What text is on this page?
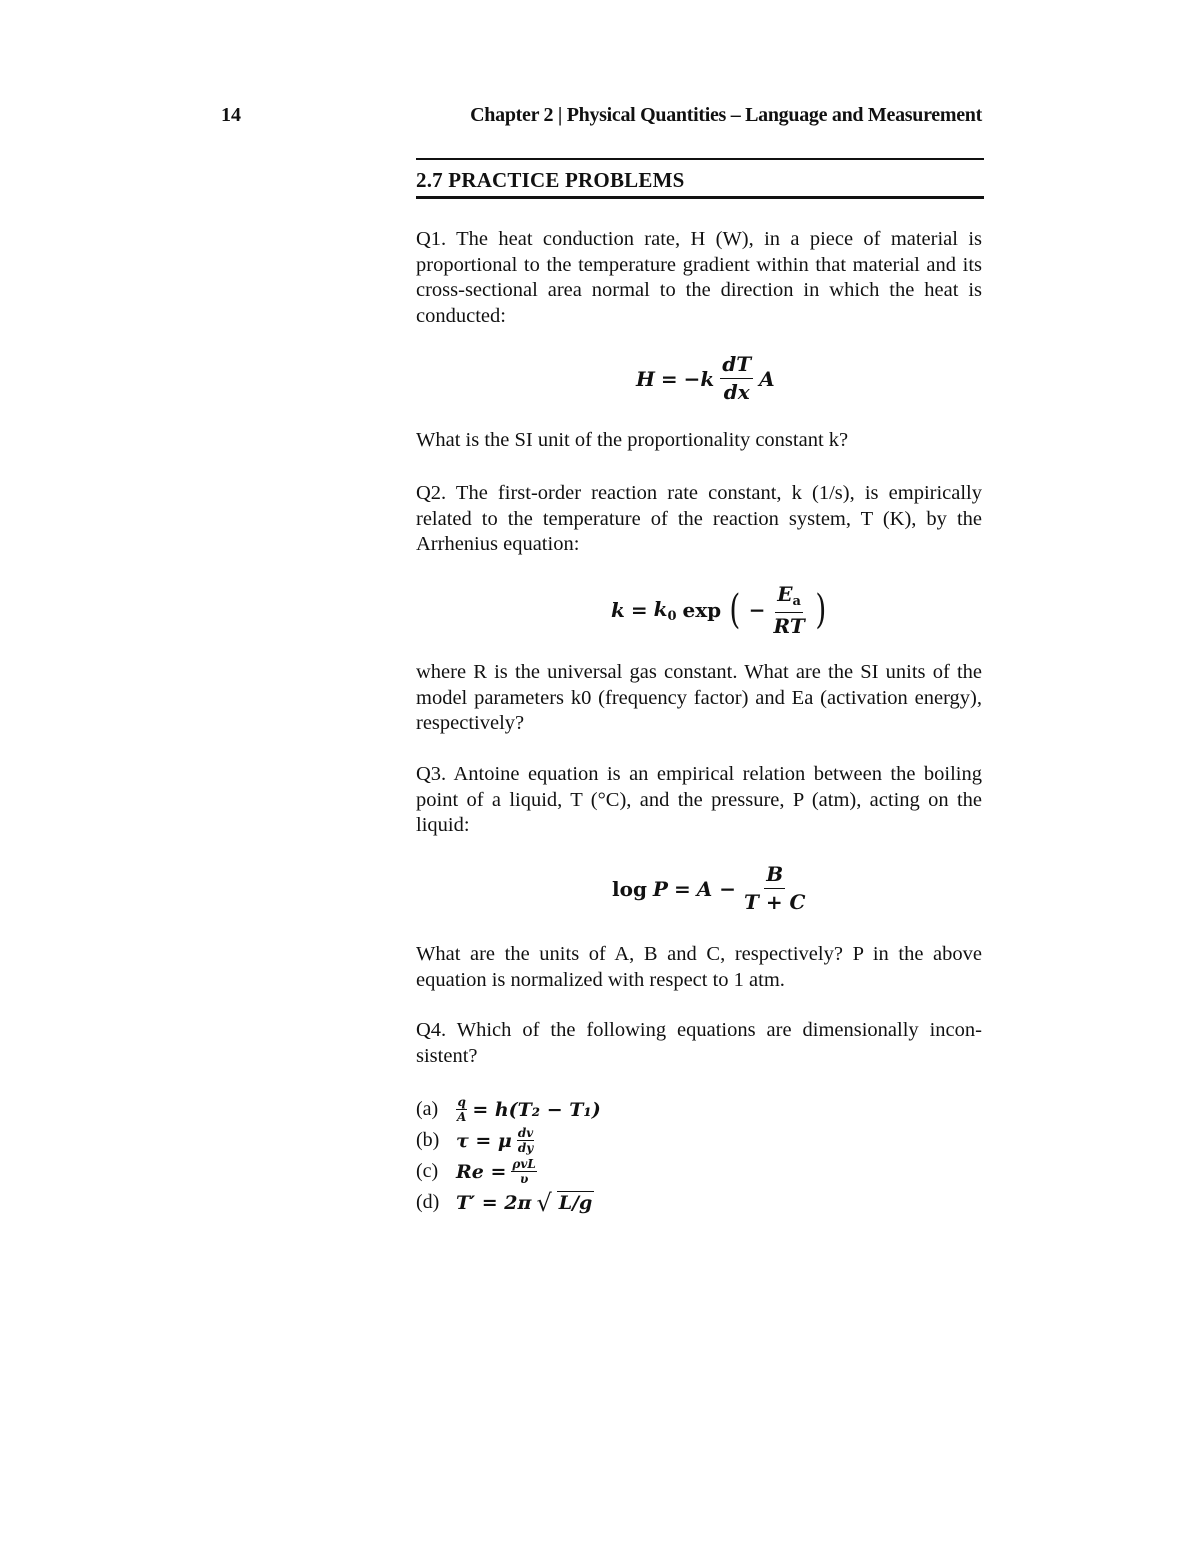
14	Chapter 2 | Physical Quantities – Language and Measurement
2.7 PRACTICE PROBLEMS
Q1. The heat conduction rate, H (W), in a piece of material is proportional to the temperature gradient within that material and its cross-sectional area normal to the direction in which the heat is conducted:
$H = -k \frac{dT}{dx}$ A
What is the SI unit of the proportionality constant k?
Q2. The first-order reaction rate constant, k (1/s), is empirically related to the temperature of the reaction system, T (K), by the Arrhenius equation:
$k = k_0$ exp ( − $\frac{E_a}{RT}$ )
where R is the universal gas constant. What are the SI units of the model parameters k0 (frequency factor) and Ea (activation energy), respectively?
Q3. Antoine equation is an empirical relation between the boiling point of a liquid, T (°C), and the pressure, P (atm), acting on the liquid:
$\log P = A - \frac{B}{T + C}$
What are the units of A, B and C, respectively? P in the above equation is normalized with respect to 1 atm.
Q4. Which of the following equations are dimensionally incon-sistent?
(a)	$\frac{q}{A} = h(T_2 - T_1)$
(b) τ = μ $\frac{dv}{dy}$
(c) $Re = \frac{\text{ρvL}}{\upsilon}$
(d) T′ = 2π √ L/g
